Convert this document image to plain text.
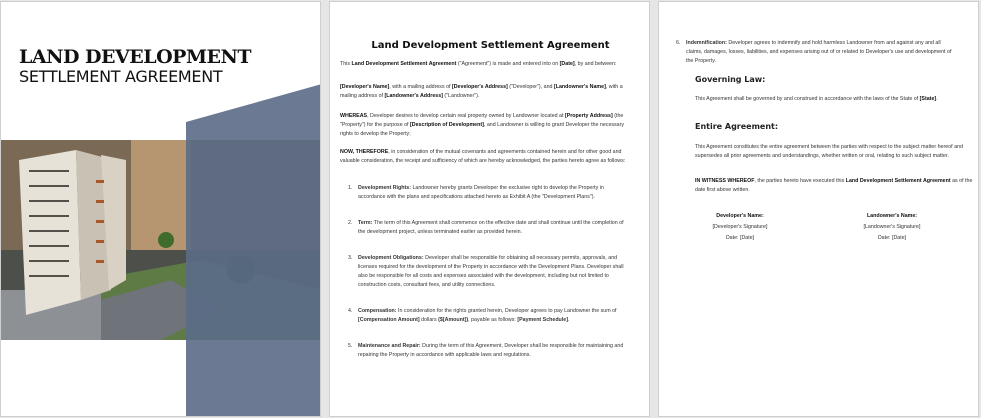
LAND DEVELOPMENT
SETTLEMENT AGREEMENT
Land Development Settlement Agreement
This Land Development Settlement Agreement ("Agreement") is made and entered into on [Date], by and between:
[Developer's Name], with a mailing address of [Developer's Address] ("Developer"), and [Landowner's Name], with a mailing address of [Landowner's Address] ("Landowner").
WHEREAS, Developer desires to develop certain real property owned by Landowner located at [Property Address] (the "Property") for the purpose of [Description of Development], and Landowner is willing to grant Developer the necessary rights to develop the Property;
NOW, THEREFORE, in consideration of the mutual covenants and agreements contained herein and for other good and valuable consideration, the receipt and sufficiency of which are hereby acknowledged, the parties hereto agree as follows:
1. Development Rights: Landowner hereby grants Developer the exclusive right to develop the Property in accordance with the plans and specifications attached hereto as Exhibit A (the "Development Plans").
2. Term: The term of this Agreement shall commence on the effective date and shall continue until the completion of the development project, unless terminated earlier as provided herein.
3. Development Obligations: Developer shall be responsible for obtaining all necessary permits, approvals, and licenses required for the development of the Property in accordance with the Development Plans. Developer shall also be responsible for all costs and expenses associated with the development, including but not limited to construction costs, consultant fees, and utility connections.
4. Compensation: In consideration for the rights granted herein, Developer agrees to pay Landowner the sum of [Compensation Amount] dollars ($[Amount]), payable as follows: [Payment Schedule].
5. Maintenance and Repair: During the term of this Agreement, Developer shall be responsible for maintaining and repairing the Property in accordance with applicable laws and regulations.
6. Indemnification: Developer agrees to indemnify and hold harmless Landowner from and against any and all claims, damages, losses, liabilities, and expenses arising out of or related to Developer's use and development of the Property.
Governing Law:
This Agreement shall be governed by and construed in accordance with the laws of the State of [State].
Entire Agreement:
This Agreement constitutes the entire agreement between the parties with respect to the subject matter hereof and supersedes all prior agreements and understandings, whether written or oral, relating to such subject matter.
IN WITNESS WHEREOF, the parties hereto have executed this Land Development Settlement Agreement as of the date first above written.
Developer's Name:
[Developer's Signature]
Date: [Date]
Landowner's Name:
[Landowner's Signature]
Date: [Date]
